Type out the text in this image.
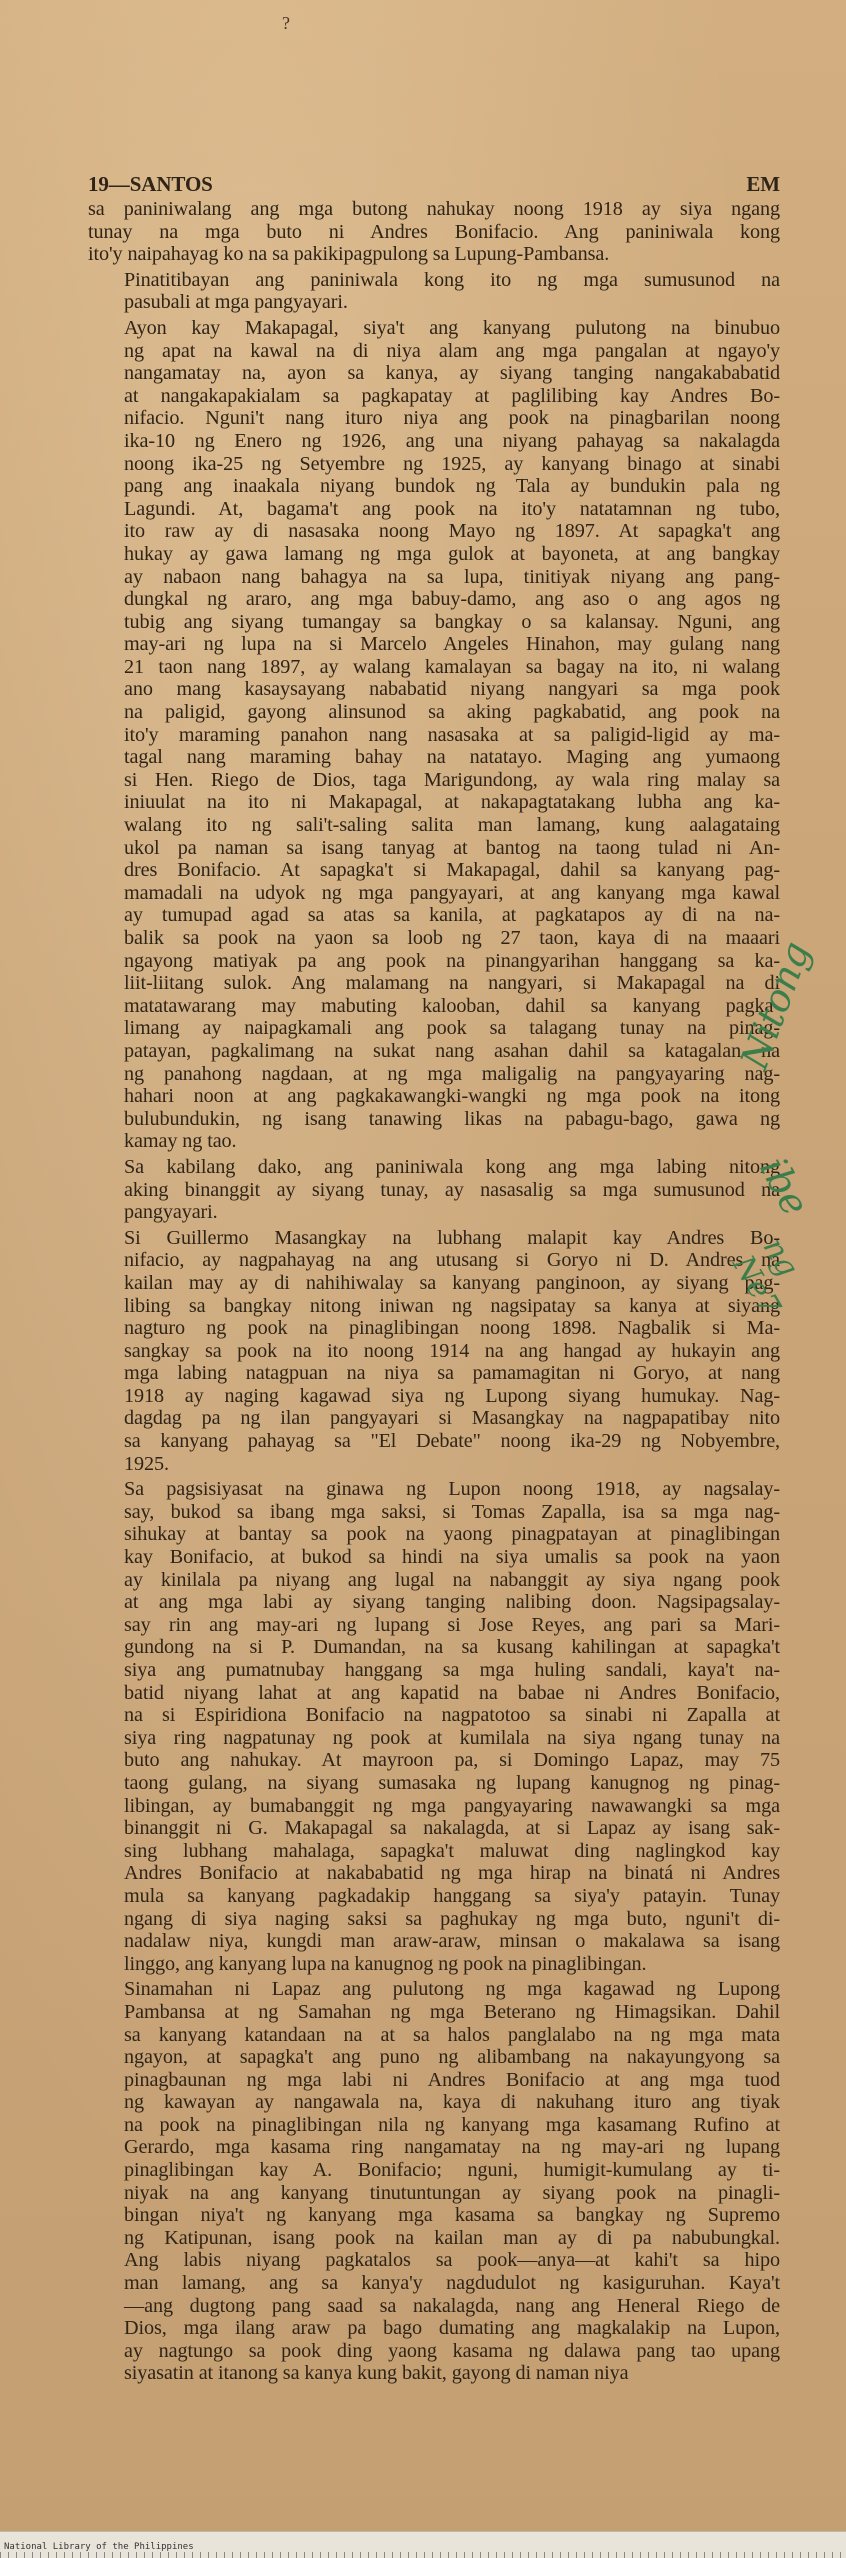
?
19—SANTOS	EM
sa paniniwalang ang mga butong nahukay noong 1918 ay siya ngang
tunay na mga buto ni Andres Bonifacio. Ang paniniwala kong
ito'y naipahayag ko na sa pakikipagpulong sa Lupung-Pambansa.
Pinatitibayan ang paniniwala kong ito ng mga sumusunod na
pasubali at mga pangyayari.
Ayon kay Makapagal, siya't ang kanyang pulutong na binubuo
ng apat na kawal na di niya alam ang mga pangalan at ngayo'y
nangamatay na, ayon sa kanya, ay siyang tanging nangakababatid
at nangakapakialam sa pagkapatay at paglilibing kay Andres Bo-
nifacio. Nguni't nang ituro niya ang pook na pinagbarilan noong
ika-10 ng Enero ng 1926, ang una niyang pahayag sa nakalagda
noong ika-25 ng Setyembre ng 1925, ay kanyang binago at sinabi
pang ang inaakala niyang bundok ng Tala ay bundukin pala ng
Lagundi. At, bagama't ang pook na ito'y natatamnan ng tubo,
ito raw ay di nasasaka noong Mayo ng 1897. At sapagka't ang
hukay ay gawa lamang ng mga gulok at bayoneta, at ang bangkay
ay nabaon nang bahagya na sa lupa, tinitiyak niyang ang pang-
dungkal ng araro, ang mga babuy-damo, ang aso o ang agos ng
tubig ang siyang tumangay sa bangkay o sa kalansay. Nguni, ang
may-ari ng lupa na si Marcelo Angeles Hinahon, may gulang nang
21 taon nang 1897, ay walang kamalayan sa bagay na ito, ni walang
ano mang kasaysayang nababatid niyang nangyari sa mga pook
na paligid, gayong alinsunod sa aking pagkabatid, ang pook na
ito'y maraming panahon nang nasasaka at sa paligid-ligid ay ma-
tagal nang maraming bahay na natatayo. Maging ang yumaong
si Hen. Riego de Dios, taga Marigundong, ay wala ring malay sa
iniuulat na ito ni Makapagal, at nakapagtatakang lubha ang ka-
walang ito ng sali't-saling salita man lamang, kung aalagataing
ukol pa naman sa isang tanyag at bantog na taong tulad ni An-
dres Bonifacio. At sapagka't si Makapagal, dahil sa kanyang pag-
mamadali na udyok ng mga pangyayari, at ang kanyang mga kawal
ay tumupad agad sa atas sa kanila, at pagkatapos ay di na na-
balik sa pook na yaon sa loob ng 27 taon, kaya di na maaari
ngayong matiyak pa ang pook na pinangyarihan hanggang sa ka-
liit-liitang sulok. Ang malamang na nangyari, si Makapagal na di
matatawarang may mabuting kalooban, dahil sa kanyang pagka-
limang ay naipagkamali ang pook sa talagang tunay na pinag-
patayan, pagkalimang na sukat nang asahan dahil sa katagalan na
ng panahong nagdaan, at ng mga maligalig na pangyayaring nag-
hahari noon at ang pagkakawangki-wangki ng mga pook na itong
bulubundukin, ng isang tanawing likas na pabagu-bago, gawa ng
kamay ng tao.
Sa kabilang dako, ang paniniwala kong ang mga labing nitong
aking binanggit ay siyang tunay, ay nasasalig sa mga sumusunod na
pangyayari.
Si Guillermo Masangkay na lubhang malapit kay Andres Bo-
nifacio, ay nagpahayag na ang utusang si Goryo ni D. Andres na
kailan may ay di nahihiwalay sa kanyang panginoon, ay siyang pag-
libing sa bangkay nitong iniwan ng nagsipatay sa kanya at siyang
nagturo ng pook na pinaglibingan noong 1898. Nagbalik si Ma-
sangkay sa pook na ito noong 1914 na ang hangad ay hukayin ang
mga labing natagpuan na niya sa pamamagitan ni Goryo, at nang
1918 ay naging kagawad siya ng Lupong siyang humukay. Nag-
dagdag pa ng ilan pangyayari si Masangkay na nagpapatibay nito
sa kanyang pahayag sa "El Debate" noong ika-29 ng Nobyembre,
1925.
Sa pagsisiyasat na ginawa ng Lupon noong 1918, ay nagsalay-
say, bukod sa ibang mga saksi, si Tomas Zapalla, isa sa mga nag-
sihukay at bantay sa pook na yaong pinagpatayan at pinaglibingan
kay Bonifacio, at bukod sa hindi na siya umalis sa pook na yaon
ay kinilala pa niyang ang lugal na nabanggit ay siya ngang pook
at ang mga labi ay siyang tanging nalibing doon. Nagsipagsalay-
say rin ang may-ari ng lupang si Jose Reyes, ang pari sa Mari-
gundong na si P. Dumandan, na sa kusang kahilingan at sapagka't
siya ang pumatnubay hanggang sa mga huling sandali, kaya't na-
batid niyang lahat at ang kapatid na babae ni Andres Bonifacio,
na si Espiridiona Bonifacio na nagpatotoo sa sinabi ni Zapalla at
siya ring nagpatunay ng pook at kumilala na siya ngang tunay na
buto ang nahukay. At mayroon pa, si Domingo Lapaz, may 75
taong gulang, na siyang sumasaka ng lupang kanugnog ng pinag-
libingan, ay bumabanggit ng mga pangyayaring nawawangki sa mga
binanggit ni G. Makapagal sa nakalagda, at si Lapaz ay isang sak-
sing lubhang mahalaga, sapagka't maluwat ding naglingkod kay
Andres Bonifacio at nakababatid ng mga hirap na binatá ni Andres
mula sa kanyang pagkadakip hanggang sa siya'y patayin. Tunay
ngang di siya naging saksi sa paghukay ng mga buto, nguni't di-
nadalaw niya, kungdi man araw-araw, minsan o makalawa sa isang
linggo, ang kanyang lupa na kanugnog ng pook na pinaglibingan.
Sinamahan ni Lapaz ang pulutong ng mga kagawad ng Lupong
Pambansa at ng Samahan ng mga Beterano ng Himagsikan. Dahil
sa kanyang katandaan na at sa halos panglalabo na ng mga mata
ngayon, at sapagka't ang puno ng alibambang na nakayungyong sa
pinagbaunan ng mga labi ni Andres Bonifacio at ang mga tuod
ng kawayan ay nangawala na, kaya di nakuhang ituro ang tiyak
na pook na pinaglibingan nila ng kanyang mga kasamang Rufino at
Gerardo, mga kasama ring nangamatay na ng may-ari ng lupang
pinaglibingan kay A. Bonifacio; nguni, humigit-kumulang ay ti-
niyak na ang kanyang tinutuntungan ay siyang pook na pinagli-
bingan niya't ng kanyang mga kasama sa bangkay ng Supremo
ng Katipunan, isang pook na kailan man ay di pa nabubungkal.
Ang labis niyang pagkatalos sa pook—anya—at kahi't sa hipo
man lamang, ang sa kanya'y nagdudulot ng kasiguruhan. Kaya't
—ang dugtong pang saad sa nakalagda, nang ang Heneral Riego de
Dios, mga ilang araw pa bago dumating ang magkalakip na Lupon,
ay nagtungo sa pook ding yaong kasama ng dalawa pang tao upang
siyasatin at itanong sa kanya kung bakit, gayong di naman niya
Nitong
ibe
ng Ne7
National Library of the Philippines
